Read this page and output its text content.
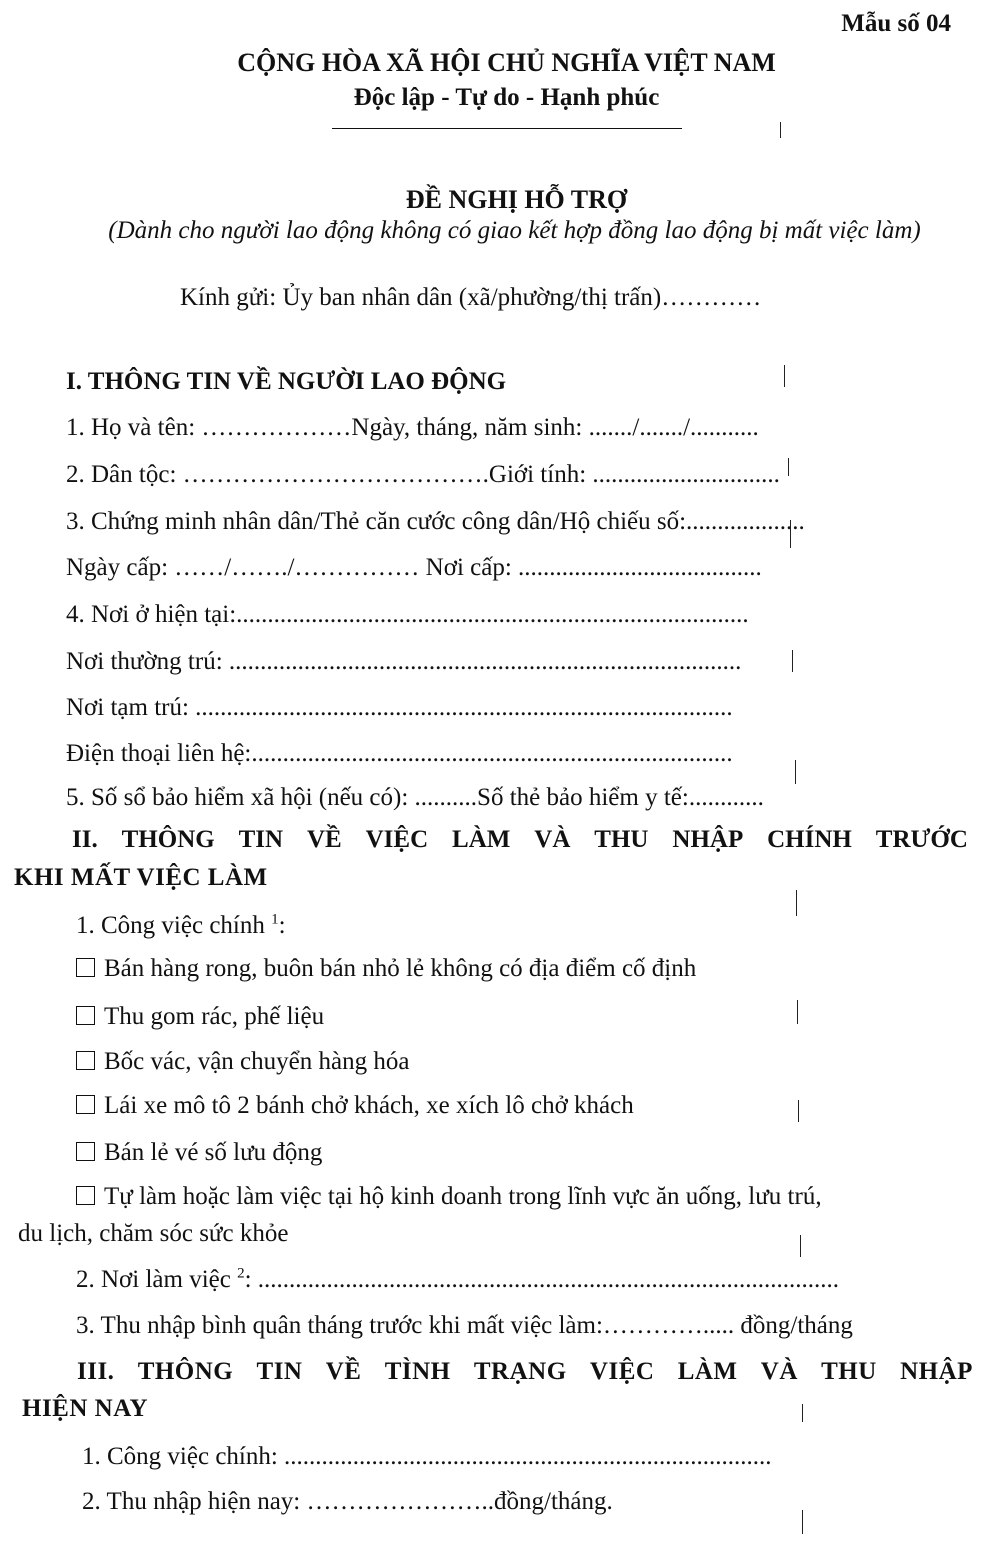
Mẫu số 04
CỘNG HÒA XÃ HỘI CHỦ NGHĨA VIỆT NAM
Độc lập - Tự do - Hạnh phúc
ĐỀ NGHỊ HỖ TRỢ
(Dành cho người lao động không có giao kết hợp đồng lao động bị mất việc làm)
Kính gửi: Ủy ban nhân dân (xã/phường/thị trấn)…………
I. THÔNG TIN VỀ NGƯỜI LAO ĐỘNG
1. Họ và tên: ………………Ngày, tháng, năm sinh: ......./......./...........
2. Dân tộc: ……………………………….Giới tính: ..............................
3. Chứng minh nhân dân/Thẻ căn cước công dân/Hộ chiếu số:...................
Ngày cấp: ……/……./…………… Nơi cấp: .......................................
4. Nơi ở hiện tại:..................................................................................
Nơi thường trú: ..................................................................................
Nơi tạm trú: ......................................................................................
Điện thoại liên hệ:.............................................................................
5. Số sổ bảo hiểm xã hội (nếu có): ..........Số thẻ bảo hiểm y tế:............
II. THÔNG TIN VỀ VIỆC LÀM VÀ THU NHẬP CHÍNH TRƯỚC
KHI MẤT VIỆC LÀM
1. Công việc chính $^1$:
Bán hàng rong, buôn bán nhỏ lẻ không có địa điểm cố định
Thu gom rác, phế liệu
Bốc vác, vận chuyển hàng hóa
Lái xe mô tô 2 bánh chở khách, xe xích lô chở khách
Bán lẻ vé số lưu động
Tự làm hoặc làm việc tại hộ kinh doanh trong lĩnh vực ăn uống, lưu trú,
du lịch, chăm sóc sức khỏe
2. Nơi làm việc $^2$: .............................................................................................
3. Thu nhập bình quân tháng trước khi mất việc làm:…………..... đồng/tháng
III. THÔNG TIN VỀ TÌNH TRẠNG VIỆC LÀM VÀ THU NHẬP
HIỆN NAY
1. Công việc chính: ..............................................................................
2. Thu nhập hiện nay: …………………..đồng/tháng.
